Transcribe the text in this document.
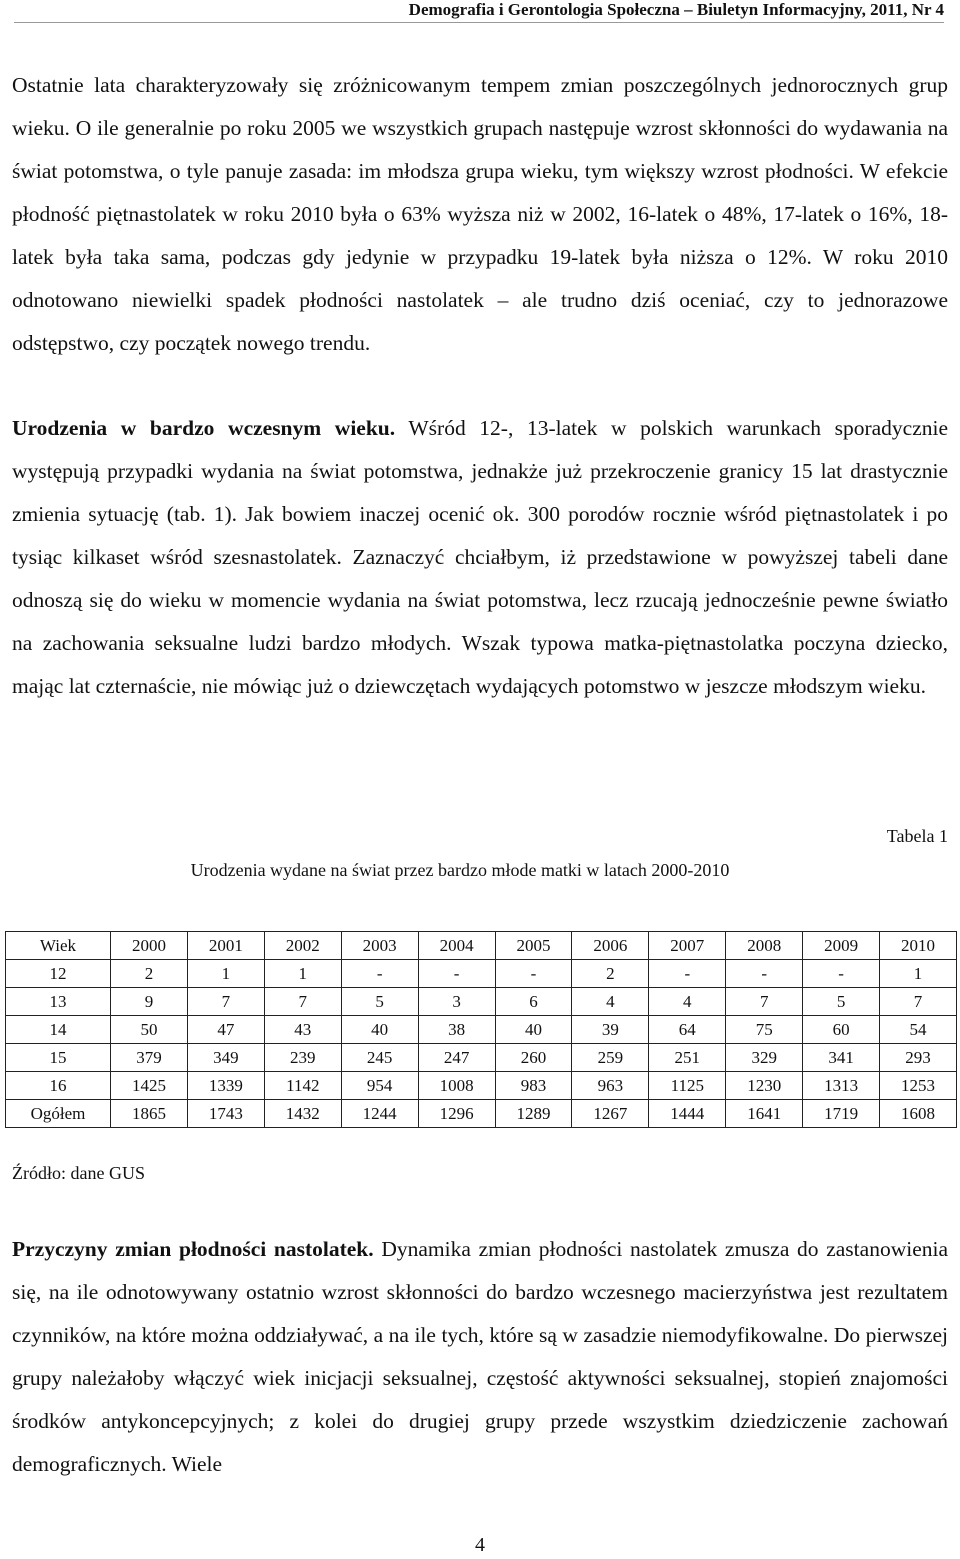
Demografia i Gerontologia Społeczna – Biuletyn Informacyjny, 2011, Nr 4

Ostatnie lata charakteryzowały się zróżnicowanym tempem zmian poszczególnych jednorocznych grup wieku. O ile generalnie po roku 2005 we wszystkich grupach następuje wzrost skłonności do wydawania na świat potomstwa, o tyle panuje zasada: im młodsza grupa wieku, tym większy wzrost płodności. W efekcie płodność piętnastolatek w roku 2010 była o 63% wyższa niż w 2002, 16-latek o 48%, 17-latek o 16%, 18-latek była taka sama, podczas gdy jedynie w przypadku 19-latek była niższa o 12%. W roku 2010 odnotowano niewielki spadek płodności nastolatek – ale trudno dziś oceniać, czy to jednorazowe odstępstwo, czy początek nowego trendu.

Urodzenia w bardzo wczesnym wieku. Wśród 12-, 13-latek w polskich warunkach sporadycznie występują przypadki wydania na świat potomstwa, jednakże już przekroczenie granicy 15 lat drastycznie zmienia sytuację (tab. 1). Jak bowiem inaczej ocenić ok. 300 porodów rocznie wśród piętnastolatek i po tysiąc kilkaset wśród szesnastolatek. Zaznaczyć chciałbym, iż przedstawione w powyższej tabeli dane odnoszą się do wieku w momencie wydania na świat potomstwa, lecz rzucają jednocześnie pewne światło na zachowania seksualne ludzi bardzo młodych. Wszak typowa matka-piętnastolatka poczyna dziecko, mając lat czternaście, nie mówiąc już o dziewczętach wydających potomstwo w jeszcze młodszym wieku.

Tabela 1
Urodzenia wydane na świat przez bardzo młode matki w latach 2000-2010
Wiek	2000	2001	2002	2003	2004	2005	2006	2007	2008	2009	2010
12	2	1	1	-	-	-	2	-	-	-	1
13	9	7	7	5	3	6	4	4	7	5	7
14	50	47	43	40	38	40	39	64	75	60	54
15	379	349	239	245	247	260	259	251	329	341	293
16	1425	1339	1142	954	1008	983	963	1125	1230	1313	1253
Ogółem	1865	1743	1432	1244	1296	1289	1267	1444	1641	1719	1608
Źródło: dane GUS

Przyczyny zmian płodności nastolatek. Dynamika zmian płodności nastolatek zmusza do zastanowienia się, na ile odnotowywany ostatnio wzrost skłonności do bardzo wczesnego macierzyństwa jest rezultatem czynników, na które można oddziaływać, a na ile tych, które są w zasadzie niemodyfikowalne. Do pierwszej grupy należałoby włączyć wiek inicjacji seksualnej, częstość aktywności seksualnej, stopień znajomości środków antykoncepcyjnych; z kolei do drugiej grupy przede wszystkim dziedziczenie zachowań demograficznych. Wiele

4
